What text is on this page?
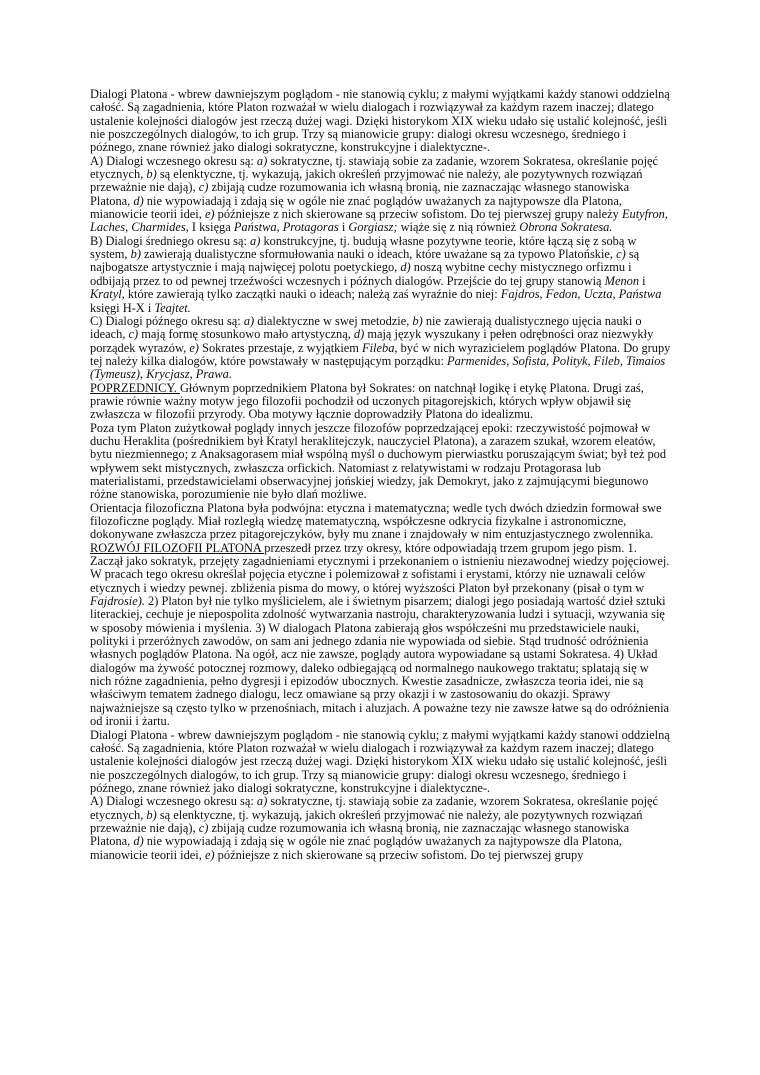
Dialogi Platona - wbrew dawniejszym poglądom - nie stanowią cyklu; z małymi wyjątkami każdy stanowi oddzielną całość. Są zagadnienia, które Platon rozważał w wielu dialogach i rozwiązywał za każdym razem inaczej; dlatego ustalenie kolejności dialogów jest rzeczą dużej wagi. Dzięki historykom XIX wieku udało się ustalić kolejność, jeśli nie poszczególnych dialogów, to ich grup. Trzy są mianowicie grupy: dialogi okresu wczesnego, średniego i późnego, znane również jako dialogi sokratyczne, konstrukcyjne i dialektyczne-.

A) Dialogi wczesnego okresu są: a) sokratyczne, tj. stawiają sobie za zadanie, wzorem Sokratesa, określanie pojęć etycznych, b) są elenktyczne, tj. wykazują, jakich określeń przyjmować nie należy, ale pozytywnych rozwiązań przeważnie nie dają), c) zbijają cudze rozumowania ich własną bronią, nie zaznaczając własnego stanowiska Platona, d) nie wypowiadają i zdają się w ogóle nie znać poglądów uważanych za najtypowsze dla Platona, mianowicie teorii idei, e) późniejsze z nich skierowane są przeciw sofistom. Do tej pierwszej grupy należy Eutyfron, Laches, Charmides, I księga Państwa, Protagoras i Gorgiasz; wiąże się z nią również Obrona Sokratesa.

B) Dialogi średniego okresu są: a) konstrukcyjne, tj. budują własne pozytywne teorie, które łączą się z sobą w system, b) zawierają dualistyczne sformułowania nauki o ideach, które uważane są za typowo Platońskie, c) są najbogatsze artystycznie i mają najwięcej polotu poetyckiego, d) noszą wybitne cechy mistycznego orfizmu i odbijają przez to od pewnej trzeźwości wczesnych i późnych dialogów. Przejście do tej grupy stanowią Menon i Kratyl, które zawierają tylko zaczątki nauki o ideach; należą zaś wyraźnie do niej: Fajdros, Fedon, Uczta, Państwa księgi H-X i Teajtet.

C) Dialogi późnego okresu są: a) dialektyczne w swej metodzie, b) nie zawierają dualistycznego ujęcia nauki o ideach, c) mają formę stosunkowo mało artystyczną, d) mają język wyszukany i pełen odrębności oraz niezwykły porządek wyrazów, e) Sokrates przestaje, z wyjątkiem Fileba, być w nich wyrazicielem poglądów Platona. Do grupy tej należy kilka dialogów, które powstawały w następującym porządku: Parmenides, Sofista, Polityk, Fileb, Timaios (Tymeusz), Krycjasz, Prawa.

POPRZEDNICY. Głównym poprzednikiem Platona był Sokrates: on natchnął logikę i etykę Platona. Drugi zaś, prawie równie ważny motyw jego filozofii pochodził od uczonych pitagorejskich, których wpływ objawił się zwłaszcza w filozofii przyrody. Oba motywy łącznie doprowadziły Platona do idealizmu.

Poza tym Platon zużytkował poglądy innych jeszcze filozofów poprzedzającej epoki: rzeczywistość pojmował w duchu Heraklita (pośrednikiem był Kratyl heraklitejczyk, nauczyciel Platona), a zarazem szukał, wzorem eleatów, bytu niezmiennego; z Anaksagorasem miał wspólną myśl o duchowym pierwiastku poruszającym świat; był też pod wpływem sekt mistycznych, zwłaszcza orfickich. Natomiast z relatywistami w rodzaju Protagorasa lub materialistami, przedstawicielami obserwacyjnej jońskiej wiedzy, jak Demokryt, jako z zajmującymi biegunowo różne stanowiska, porozumienie nie było dlań możliwe.

Orientacja filozoficzna Platona była podwójna: etyczna i matematyczna; wedle tych dwóch dziedzin formował swe filozoficzne poglądy. Miał rozległą wiedzę matematyczną, współczesne odkrycia fizykalne i astronomiczne, dokonywane zwłaszcza przez pitagorejczyków, były mu znane i znajdowały w nim entuzjastycznego zwolennika.

ROZWÓJ FILOZOFII PLATONA przeszedł przez trzy okresy, które odpowiadają trzem grupom jego pism. 1. Zaczął jako sokratyk, przejęty zagadnieniami etycznymi i przekonaniem o istnieniu niezawodnej wiedzy pojęciowej. W pracach tego okresu określał pojęcia etyczne i polemizował z sofistami i erystami, którzy nie uznawali celów etycznych i wiedzy pewnej. zbliżenia pisma do mowy, o której wyższości Platon był przekonany (pisał o tym w Fajdrosie). 2) Platon był nie tylko myślicielem, ale i świetnym pisarzem; dialogi jego posiadają wartość dzieł sztuki literackiej, cechuje je niepospolita zdolność wytwarzania nastroju, charakteryzowania ludzi i sytuacji, wzywania się w sposoby mówienia i myślenia. 3) W dialogach Platona zabierają głos współcześni mu przedstawiciele nauki, polityki i przeróżnych zawodów, on sam ani jednego zdania nie wypowiada od siebie. Stąd trudność odróżnienia własnych poglądów Platona. Na ogół, acz nie zawsze, poglądy autora wypowiadane są ustami Sokratesa. 4) Układ dialogów ma żywość potocznej rozmowy, daleko odbiegającą od normalnego naukowego traktatu; splatają się w nich różne zagadnienia, pełno dygresji i epizodów ubocznych. Kwestie zasadnicze, zwłaszcza teoria idei, nie są właściwym tematem żadnego dialogu, lecz omawiane są przy okazji i w zastosowaniu do okazji. Sprawy najważniejsze są często tylko w przenośniach, mitach i aluzjach. A poważne tezy nie zawsze łatwe są do odróżnienia od ironii i żartu.

Dialogi Platona - wbrew dawniejszym poglądom - nie stanowią cyklu; z małymi wyjątkami każdy stanowi oddzielną całość. Są zagadnienia, które Platon rozważał w wielu dialogach i rozwiązywał za każdym razem inaczej; dlatego ustalenie kolejności dialogów jest rzeczą dużej wagi. Dzięki historykom XIX wieku udało się ustalić kolejność, jeśli nie poszczególnych dialogów, to ich grup. Trzy są mianowicie grupy: dialogi okresu wczesnego, średniego i późnego, znane również jako dialogi sokratyczne, konstrukcyjne i dialektyczne-.

A) Dialogi wczesnego okresu są: a) sokratyczne, tj. stawiają sobie za zadanie, wzorem Sokratesa, określanie pojęć etycznych, b) są elenktyczne, tj. wykazują, jakich określeń przyjmować nie należy, ale pozytywnych rozwiązań przeważnie nie dają), c) zbijają cudze rozumowania ich własną bronią, nie zaznaczając własnego stanowiska Platona, d) nie wypowiadają i zdają się w ogóle nie znać poglądów uważanych za najtypowsze dla Platona, mianowicie teorii idei, e) późniejsze z nich skierowane są przeciw sofistom. Do tej pierwszej grupy
